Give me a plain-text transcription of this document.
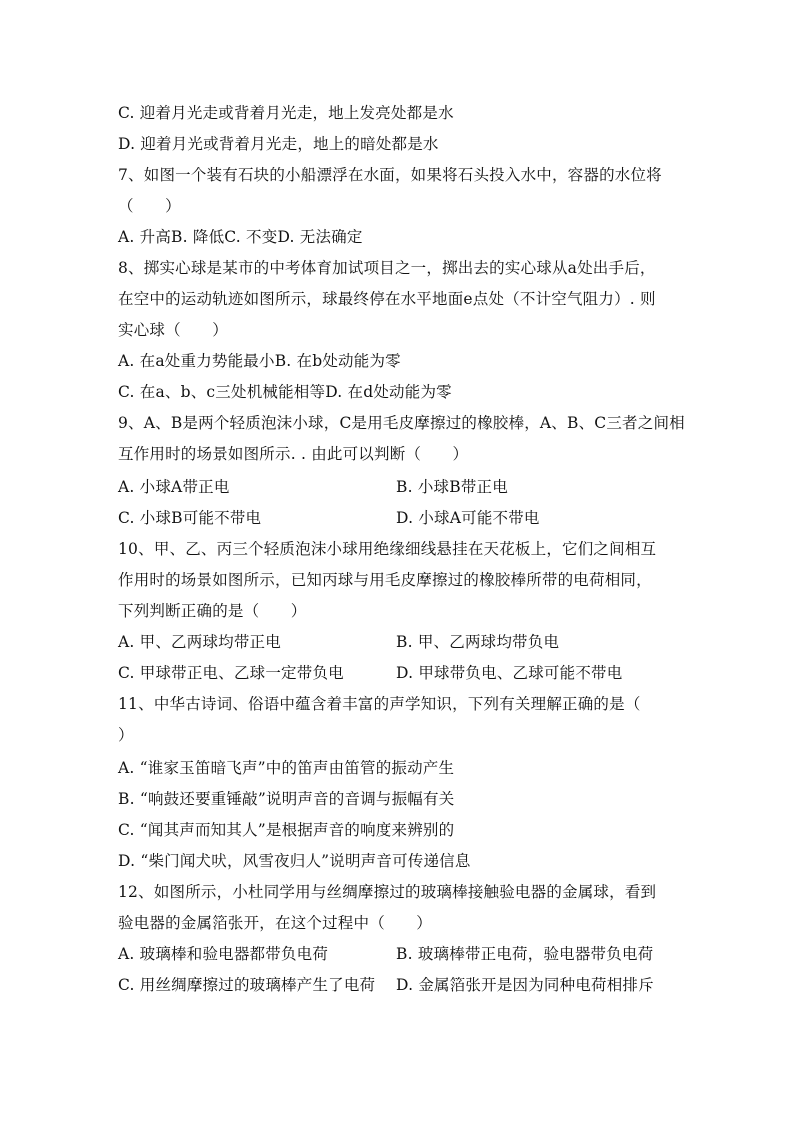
C. 迎着月光走或背着月光走，地上发亮处都是水
D. 迎着月光或背着月光走，地上的暗处都是水
7、如图一个装有石块的小船漂浮在水面，如果将石头投入水中，容器的水位将
（　　）
A. 升高B. 降低C. 不变D. 无法确定
8、掷实心球是某市的中考体育加试项目之一，掷出去的实心球从a处出手后，
在空中的运动轨迹如图所示，球最终停在水平地面e点处（不计空气阻力）. 则
实心球（　　）
A. 在a处重力势能最小B. 在b处动能为零
C. 在a、b、c三处机械能相等D. 在d处动能为零
9、A、B是两个轻质泡沫小球，C是用毛皮摩擦过的橡胶棒，A、B、C三者之间相
互作用时的场景如图所示. . 由此可以判断（　　）
A. 小球A带正电	B. 小球B带正电
C. 小球B可能不带电	D. 小球A可能不带电
10、甲、乙、丙三个轻质泡沫小球用绝缘细线悬挂在天花板上，它们之间相互
作用时的场景如图所示，已知丙球与用毛皮摩擦过的橡胶棒所带的电荷相同，
下列判断正确的是（　　）
A. 甲、乙两球均带正电	B. 甲、乙两球均带负电
C. 甲球带正电、乙球一定带负电	D. 甲球带负电、乙球可能不带电
11、中华古诗词、俗语中蕴含着丰富的声学知识，下列有关理解正确的是（
）
A. “谁家玉笛暗飞声”中的笛声由笛管的振动产生
B. “响鼓还要重锤敲”说明声音的音调与振幅有关
C. “闻其声而知其人”是根据声音的响度来辨别的
D. “柴门闻犬吠，风雪夜归人”说明声音可传递信息
12、如图所示，小杜同学用与丝绸摩擦过的玻璃棒接触验电器的金属球，看到
验电器的金属箔张开，在这个过程中（　　）
A. 玻璃棒和验电器都带负电荷	B. 玻璃棒带正电荷，验电器带负电荷
C. 用丝绸摩擦过的玻璃棒产生了电荷 D. 金属箔张开是因为同种电荷相排斥
